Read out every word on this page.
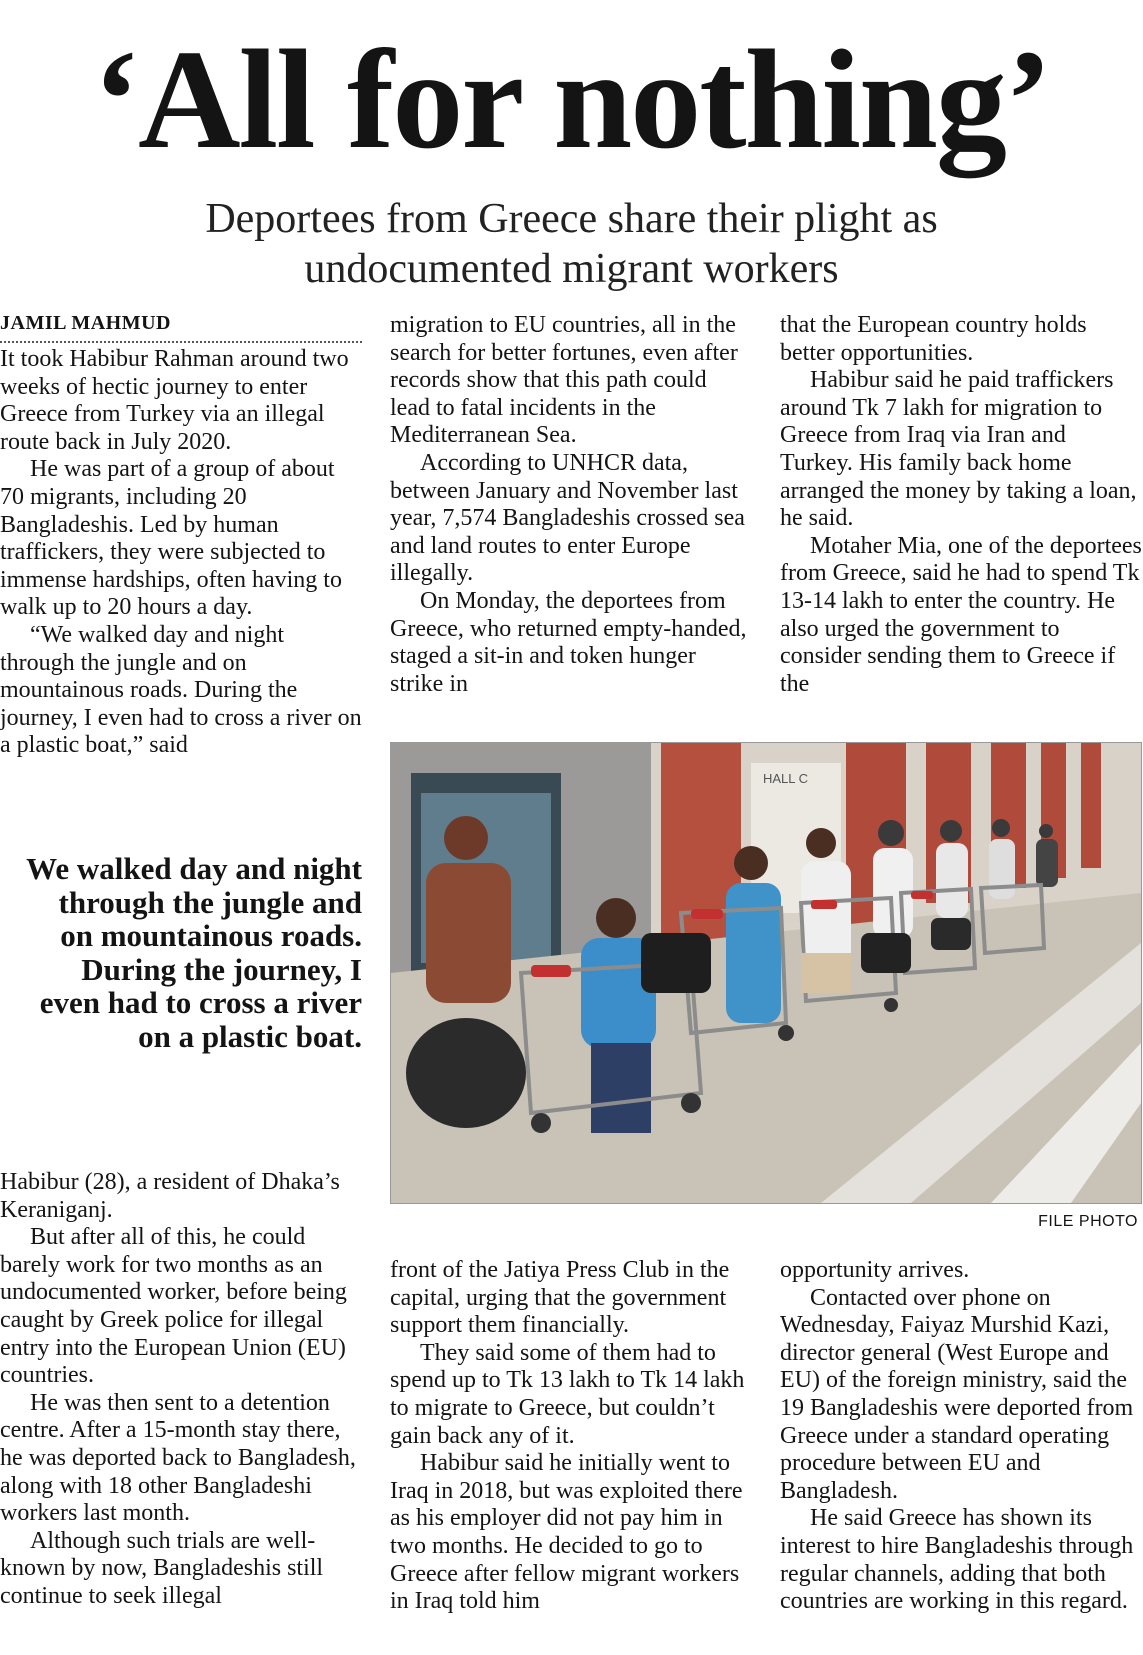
‘All for nothing’
Deportees from Greece share their plight as
undocumented migrant workers
JAMIL MAHMUD

It took Habibur Rahman around two weeks of hectic journey to enter Greece from Turkey via an illegal route back in July 2020.

He was part of a group of about 70 migrants, including 20 Bangladeshis. Led by human traffickers, they were subjected to immense hardships, often having to walk up to 20 hours a day.

“We walked day and night through the jungle and on mountainous roads. During the journey, I even had to cross a river on a plastic boat,” said

We walked day and night through the jungle and on mountainous roads. During the journey, I even had to cross a river on a plastic boat.

Habibur (28), a resident of Dhaka’s Keraniganj.

But after all of this, he could barely work for two months as an undocumented worker, before being caught by Greek police for illegal entry into the European Union (EU) countries.

He was then sent to a detention centre. After a 15-month stay there, he was deported back to Bangladesh, along with 18 other Bangladeshi workers last month.

Although such trials are well-known by now, Bangladeshis still continue to seek illegal

migration to EU countries, all in the search for better fortunes, even after records show that this path could lead to fatal incidents in the Mediterranean Sea.

According to UNHCR data, between January and November last year, 7,574 Bangladeshis crossed sea and land routes to enter Europe illegally.

On Monday, the deportees from Greece, who returned empty-handed, staged a sit-in and token hunger strike in

that the European country holds better opportunities.

Habibur said he paid traffickers around Tk 7 lakh for migration to Greece from Iraq via Iran and Turkey. His family back home arranged the money by taking a loan, he said.

Motaher Mia, one of the deportees from Greece, said he had to spend Tk 13-14 lakh to enter the country. He also urged the government to consider sending them to Greece if the

HALL C
FILE PHOTO

front of the Jatiya Press Club in the capital, urging that the government support them financially.

They said some of them had to spend up to Tk 13 lakh to Tk 14 lakh to migrate to Greece, but couldn’t gain back any of it.

Habibur said he initially went to Iraq in 2018, but was exploited there as his employer did not pay him in two months. He decided to go to Greece after fellow migrant workers in Iraq told him

opportunity arrives.

Contacted over phone on Wednesday, Faiyaz Murshid Kazi, director general (West Europe and EU) of the foreign ministry, said the 19 Bangladeshis were deported from Greece under a standard operating procedure between EU and Bangladesh.

He said Greece has shown its interest to hire Bangladeshis through regular channels, adding that both countries are working in this regard.
